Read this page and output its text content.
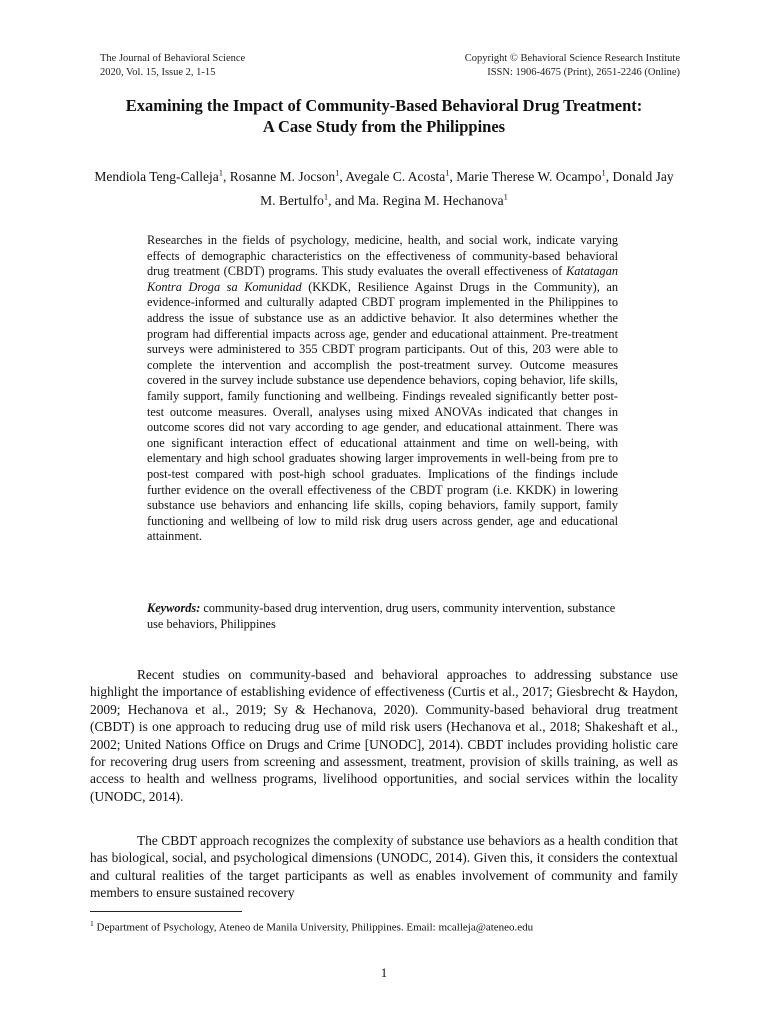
The Journal of Behavioral Science
2020, Vol. 15, Issue 2, 1-15
Copyright © Behavioral Science Research Institute
ISSN: 1906-4675 (Print), 2651-2246 (Online)
Examining the Impact of Community-Based Behavioral Drug Treatment:
A Case Study from the Philippines
Mendiola Teng-Calleja$^1$, Rosanne M. Jocson$^1$, Avegale C. Acosta$^1$, Marie Therese W. Ocampo$^1$, Donald Jay M. Bertulfo$^1$, and Ma. Regina M. Hechanova$^1$

Researches in the fields of psychology, medicine, health, and social work, indicate varying effects of demographic characteristics on the effectiveness of community-based behavioral drug treatment (CBDT) programs. This study evaluates the overall effectiveness of Katatagan Kontra Droga sa Komunidad (KKDK, Resilience Against Drugs in the Community), an evidence-informed and culturally adapted CBDT program implemented in the Philippines to address the issue of substance use as an addictive behavior. It also determines whether the program had differential impacts across age, gender and educational attainment. Pre-treatment surveys were administered to 355 CBDT program participants. Out of this, 203 were able to complete the intervention and accomplish the post-treatment survey. Outcome measures covered in the survey include substance use dependence behaviors, coping behavior, life skills, family support, family functioning and wellbeing. Findings revealed significantly better post-test outcome measures. Overall, analyses using mixed ANOVAs indicated that changes in outcome scores did not vary according to age gender, and educational attainment. There was one significant interaction effect of educational attainment and time on well-being, with elementary and high school graduates showing larger improvements in well-being from pre to post-test compared with post-high school graduates. Implications of the findings include further evidence on the overall effectiveness of the CBDT program (i.e. KKDK) in lowering substance use behaviors and enhancing life skills, coping behaviors, family support, family functioning and wellbeing of low to mild risk drug users across gender, age and educational attainment.

Keywords: community-based drug intervention, drug users, community intervention, substance use behaviors, Philippines

Recent studies on community-based and behavioral approaches to addressing substance use highlight the importance of establishing evidence of effectiveness (Curtis et al., 2017; Giesbrecht & Haydon, 2009; Hechanova et al., 2019; Sy & Hechanova, 2020). Community-based behavioral drug treatment (CBDT) is one approach to reducing drug use of mild risk users (Hechanova et al., 2018; Shakeshaft et al., 2002; United Nations Office on Drugs and Crime [UNODC], 2014). CBDT includes providing holistic care for recovering drug users from screening and assessment, treatment, provision of skills training, as well as access to health and wellness programs, livelihood opportunities, and social services within the locality (UNODC, 2014).

The CBDT approach recognizes the complexity of substance use behaviors as a health condition that has biological, social, and psychological dimensions (UNODC, 2014). Given this, it considers the contextual and cultural realities of the target participants as well as enables involvement of community and family members to ensure sustained recovery

$^1$ Department of Psychology, Ateneo de Manila University, Philippines. Email: mcalleja@ateneo.edu

1
